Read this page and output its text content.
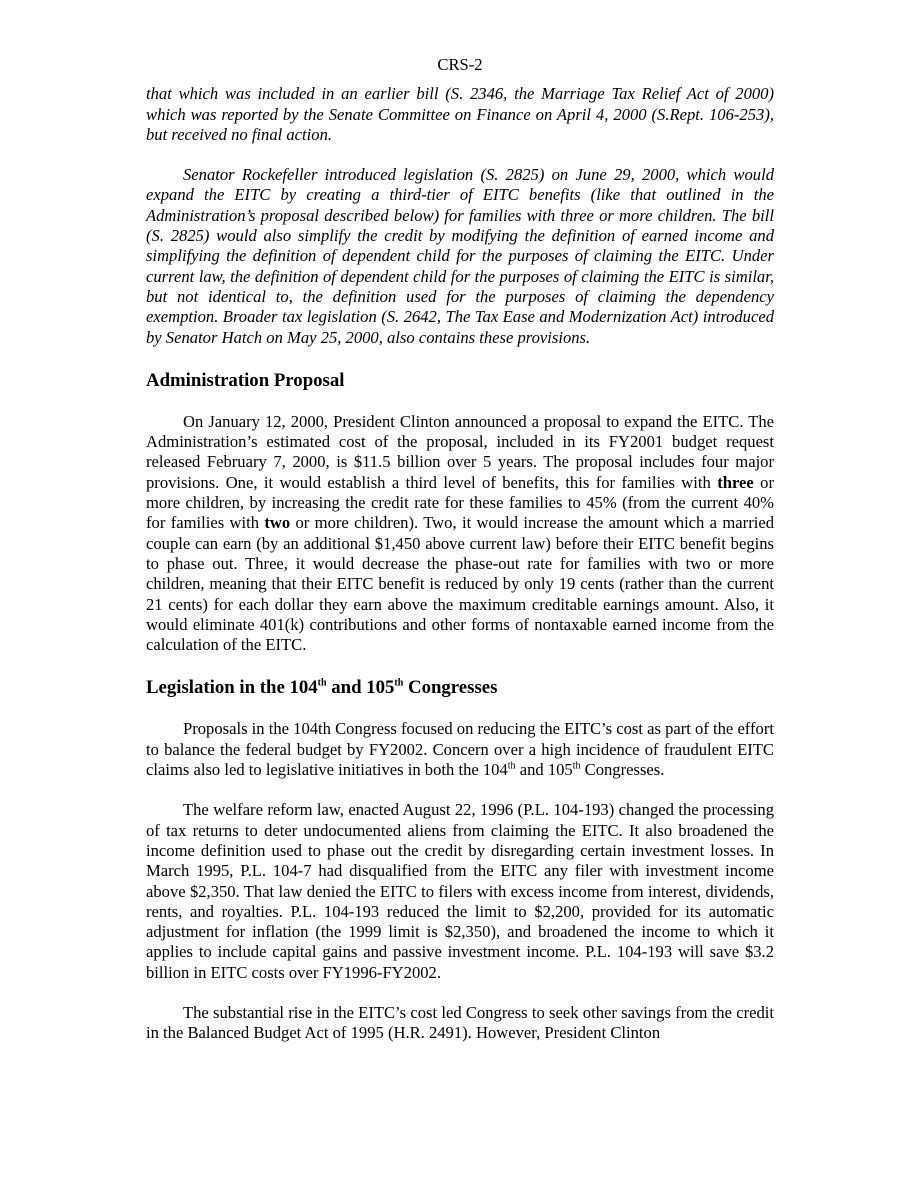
CRS-2

that which was included in an earlier bill (S. 2346, the Marriage Tax Relief Act of 2000) which was reported by the Senate Committee on Finance on April 4, 2000 (S.Rept. 106-253), but received no final action.

Senator Rockefeller introduced legislation (S. 2825) on June 29, 2000, which would expand the EITC by creating a third-tier of EITC benefits (like that outlined in the Administration’s proposal described below) for families with three or more children. The bill (S. 2825) would also simplify the credit by modifying the definition of earned income and simplifying the definition of dependent child for the purposes of claiming the EITC. Under current law, the definition of dependent child for the purposes of claiming the EITC is similar, but not identical to, the definition used for the purposes of claiming the dependency exemption. Broader tax legislation (S. 2642, The Tax Ease and Modernization Act) introduced by Senator Hatch on May 25, 2000, also contains these provisions.

Administration Proposal

On January 12, 2000, President Clinton announced a proposal to expand the EITC. The Administration’s estimated cost of the proposal, included in its FY2001 budget request released February 7, 2000, is $11.5 billion over 5 years. The proposal includes four major provisions. One, it would establish a third level of benefits, this for families with three or more children, by increasing the credit rate for these families to 45% (from the current 40% for families with two or more children). Two, it would increase the amount which a married couple can earn (by an additional $1,450 above current law) before their EITC benefit begins to phase out. Three, it would decrease the phase-out rate for families with two or more children, meaning that their EITC benefit is reduced by only 19 cents (rather than the current 21 cents) for each dollar they earn above the maximum creditable earnings amount. Also, it would eliminate 401(k) contributions and other forms of nontaxable earned income from the calculation of the EITC.

Legislation in the 104th and 105th Congresses

Proposals in the 104th Congress focused on reducing the EITC’s cost as part of the effort to balance the federal budget by FY2002. Concern over a high incidence of fraudulent EITC claims also led to legislative initiatives in both the 104th and 105th Congresses.

The welfare reform law, enacted August 22, 1996 (P.L. 104-193) changed the processing of tax returns to deter undocumented aliens from claiming the EITC. It also broadened the income definition used to phase out the credit by disregarding certain investment losses. In March 1995, P.L. 104-7 had disqualified from the EITC any filer with investment income above $2,350. That law denied the EITC to filers with excess income from interest, dividends, rents, and royalties. P.L. 104-193 reduced the limit to $2,200, provided for its automatic adjustment for inflation (the 1999 limit is $2,350), and broadened the income to which it applies to include capital gains and passive investment income. P.L. 104-193 will save $3.2 billion in EITC costs over FY1996-FY2002.

The substantial rise in the EITC’s cost led Congress to seek other savings from the credit in the Balanced Budget Act of 1995 (H.R. 2491). However, President Clinton
